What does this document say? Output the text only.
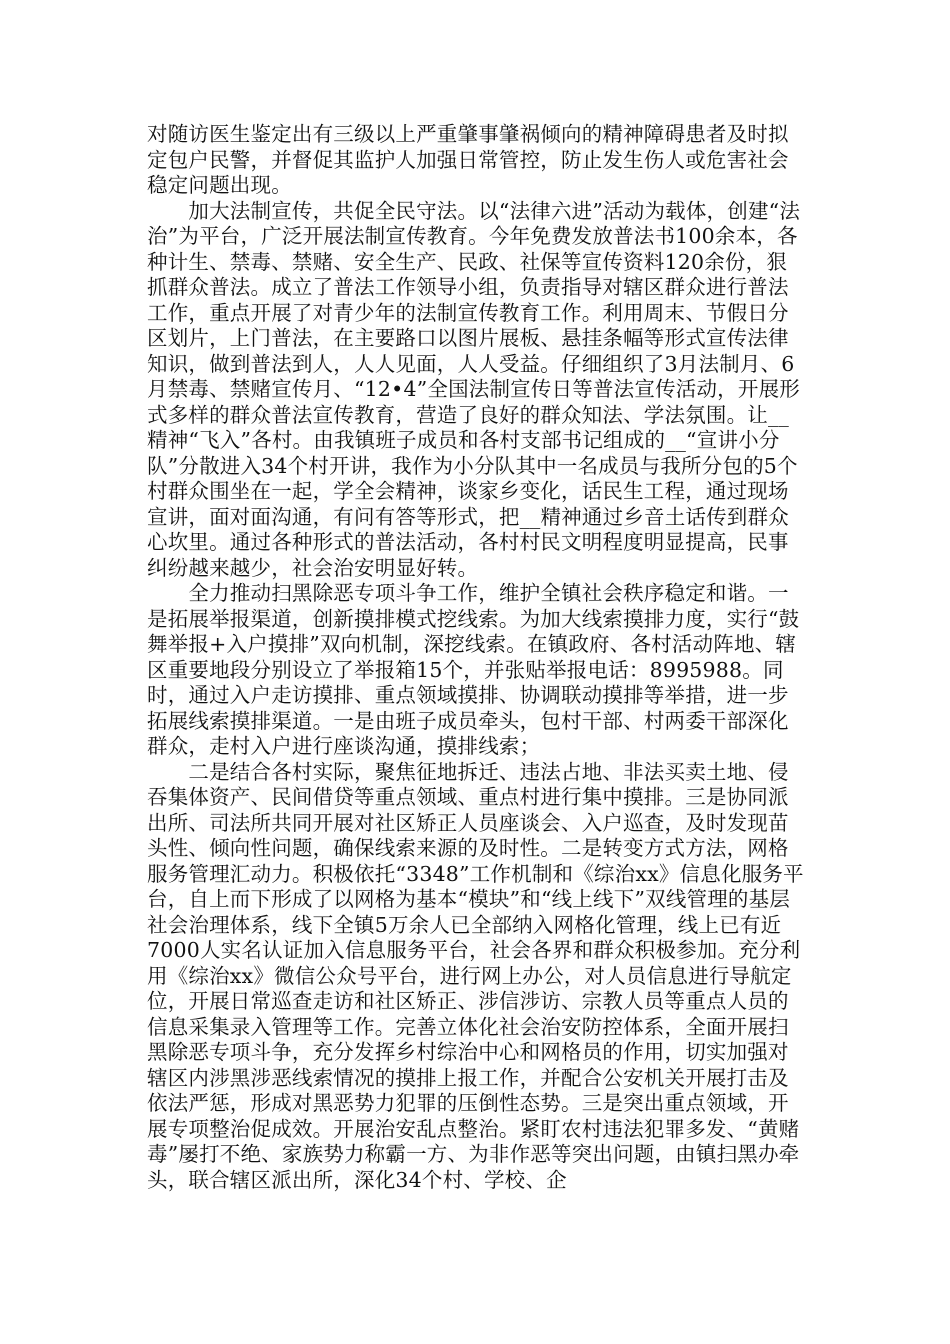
对随访医生鉴定出有三级以上严重肇事肇祸倾向的精神障碍患者及时拟定包户民警，并督促其监护人加强日常管控，防止发生伤人或危害社会稳定问题出现。

　　加大法制宣传，共促全民守法。以“法律六进”活动为载体，创建“法治”为平台，广泛开展法制宣传教育。今年免费发放普法书100余本，各种计生、禁毒、禁赌、安全生产、民政、社保等宣传资料120余份，狠抓群众普法。成立了普法工作领导小组，负责指导对辖区群众进行普法工作，重点开展了对青少年的法制宣传教育工作。利用周末、节假日分区划片，上门普法，在主要路口以图片展板、悬挂条幅等形式宣传法律知识，做到普法到人，人人见面，人人受益。仔细组织了3月法制月、6月禁毒、禁赌宣传月、“12•4”全国法制宣传日等普法宣传活动，开展形式多样的群众普法宣传教育，营造了良好的群众知法、学法氛围。让__精神“飞入”各村。由我镇班子成员和各村支部书记组成的__“宣讲小分队”分散进入34个村开讲，我作为小分队其中一名成员与我所分包的5个村群众围坐在一起，学全会精神，谈家乡变化，话民生工程，通过现场宣讲，面对面沟通，有问有答等形式，把__精神通过乡音土话传到群众心坎里。通过各种形式的普法活动，各村村民文明程度明显提高，民事纠纷越来越少，社会治安明显好转。

　　全力推动扫黑除恶专项斗争工作，维护全镇社会秩序稳定和谐。一是拓展举报渠道，创新摸排模式挖线索。为加大线索摸排力度，实行“鼓舞举报+入户摸排”双向机制，深挖线索。在镇政府、各村活动阵地、辖区重要地段分别设立了举报箱15个，并张贴举报电话：8995988。同时，通过入户走访摸排、重点领域摸排、协调联动摸排等举措，进一步拓展线索摸排渠道。一是由班子成员牵头，包村干部、村两委干部深化群众，走村入户进行座谈沟通，摸排线索；

　　二是结合各村实际，聚焦征地拆迁、违法占地、非法买卖土地、侵吞集体资产、民间借贷等重点领域、重点村进行集中摸排。三是协同派出所、司法所共同开展对社区矫正人员座谈会、入户巡查，及时发现苗头性、倾向性问题，确保线索来源的及时性。二是转变方式方法，网格服务管理汇动力。积极依托“3348”工作机制和《综治xx》信息化服务平台，自上而下形成了以网格为基本“模块”和“线上线下”双线管理的基层社会治理体系，线下全镇5万余人已全部纳入网格化管理，线上已有近7000人实名认证加入信息服务平台，社会各界和群众积极参加。充分利用《综治xx》微信公众号平台，进行网上办公，对人员信息进行导航定位，开展日常巡查走访和社区矫正、涉信涉访、宗教人员等重点人员的信息采集录入管理等工作。完善立体化社会治安防控体系，全面开展扫黑除恶专项斗争，充分发挥乡村综治中心和网格员的作用，切实加强对辖区内涉黑涉恶线索情况的摸排上报工作，并配合公安机关开展打击及依法严惩，形成对黑恶势力犯罪的压倒性态势。三是突出重点领域，开展专项整治促成效。开展治安乱点整治。紧盯农村违法犯罪多发、“黄赌毒”屡打不绝、家族势力称霸一方、为非作恶等突出问题，由镇扫黑办牵头，联合辖区派出所，深化34个村、学校、企
